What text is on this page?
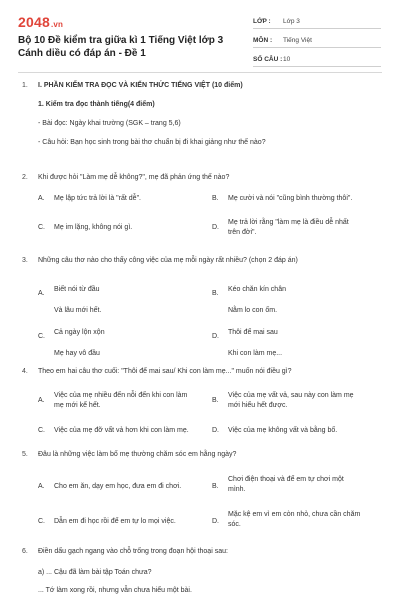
2048.vn
Bộ 10 Đề kiểm tra giữa kì 1 Tiếng Việt lớp 3 Cánh diều có đáp án - Đề 1
LỚP :	Lớp 3
MÔN :	Tiếng Việt
SỐ CÂU : 10
1. I. PHẦN KIỂM TRA ĐỌC VÀ KIẾN THỨC TIẾNG VIỆT (10 điểm)
1. Kiểm tra đọc thành tiếng(4 điểm)
- Bài đọc: Ngày khai trường (SGK – trang 5,6)
- Câu hỏi: Bạn học sinh trong bài thơ chuẩn bị đi khai giảng như thế nào?
2. Khi được hỏi "Làm mẹ dễ không?", mẹ đã phản ứng thế nào?
A. Mẹ lập tức trả lời là "rất dễ".	B. Mẹ cười và nói "cũng bình thường thôi".
C. Mẹ im lặng, không nói gì.	D.
Mẹ trả lời rằng "làm mẹ là điều dễ nhất
trên đời".
3. Những câu thơ nào cho thấy công việc của mẹ mỗi ngày rất nhiều? (chọn 2 đáp án)
A.
Biết nói từ đầu
Và lâu mới hết.
B.
Kéo chăn kín chân
Nằm lo con ốm.
C.
Cả ngày lộn xộn
Mẹ hay vô đầu
D.
Thôi để mai sau
Khi con làm mẹ...
4. Theo em hai câu thơ cuối: "Thôi để mai sau/ Khi con làm mẹ..." muốn nói điều gì?
A.
Việc của mẹ nhiều đến nỗi đến khi con làm
mẹ mới kể hết.
B.
Việc của mẹ vất vả, sau này con làm mẹ
mới hiểu hết được.
C. Việc của mẹ đỡ vất vả hơn khi con làm mẹ.	D. Việc của mẹ không vất và bằng bố.
5. Đâu là những việc làm bố mẹ thường chăm sóc em hằng ngày?
A. Cho em ăn, dạy em học, đưa em đi chơi.	B.
Chơi điện thoại và để em tự chơi một
mình.
C. Dẫn em đi học rồi để em tự lo mọi việc.	D.
Mặc kệ em vì em còn nhỏ, chưa cần chăm
sóc.
6. Điền dấu gạch ngang vào chỗ trống trong đoạn hội thoại sau:
a) ... Cậu đã làm bài tập Toán chưa?
... Tớ làm xong rồi, nhưng vẫn chưa hiểu một bài.
